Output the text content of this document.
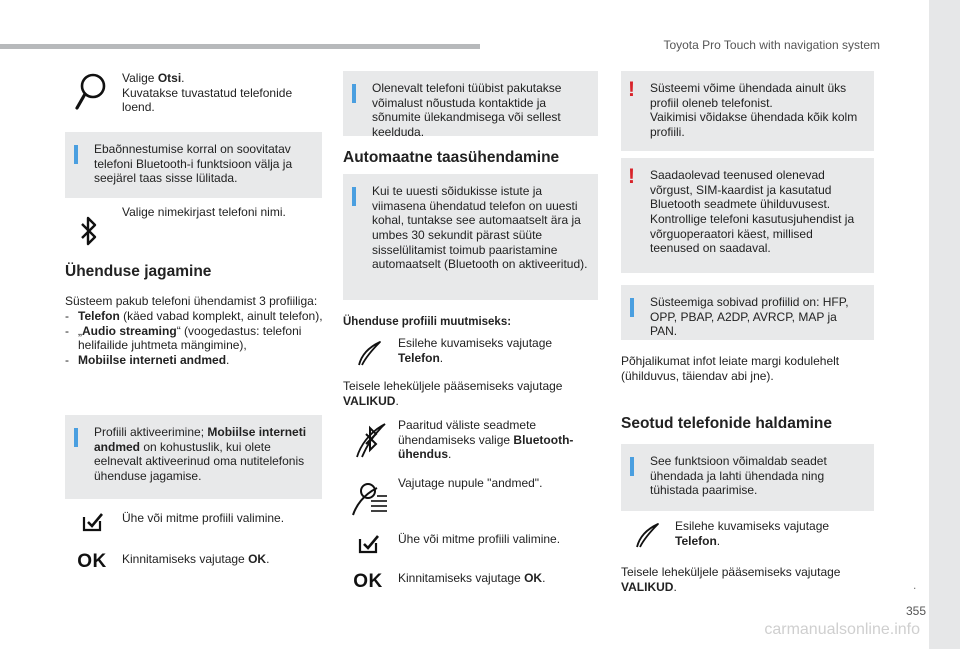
Toyota Pro Touch with navigation system
.
355
carmanualsonline.info
Valige Otsi.
Kuvatakse tuvastatud telefonide loend.

Ebaõnnestumise korral on soovitatav telefoni Bluetooth-i funktsioon välja ja seejärel taas sisse lülitada.

Valige nimekirjast telefoni nimi.
Ühenduse jagamine
Süsteem pakub telefoni ühendamist 3 profiiliga:
- Telefon (käed vabad komplekt, ainult telefon),
- „Audio streaming“ (voogedastus: telefoni helifailide juhtmeta mängimine),
- Mobiilse interneti andmed.

Profiili aktiveerimine; Mobiilse interneti andmed on kohustuslik, kui olete eelnevalt aktiveerinud oma nutitelefonis ühenduse jagamise.

Ühe või mitme profiili valimine.
OK Kinnitamiseks vajutage OK.

Olenevalt telefoni tüübist pakutakse võimalust nõustuda kontaktide ja sõnumite ülekandmisega või sellest keelduda.

Automaatne taasühendamine

Kui te uuesti sõidukisse istute ja viimasena ühendatud telefon on uuesti kohal, tuntakse see automaatselt ära ja umbes 30 sekundit pärast süüte sisselülitamist toimub paaristamine automaatselt (Bluetooth on aktiveeritud).

Ühenduse profiili muutmiseks:
Esilehe kuvamiseks vajutage Telefon.
Teisele leheküljele pääsemiseks vajutage VALIKUD.
Paaritud väliste seadmete ühendamiseks valige Bluetooth-ühendus.
Vajutage nupule "andmed".
Ühe või mitme profiili valimine.
OK Kinnitamiseks vajutage OK.
! Süsteemi võime ühendada ainult üks profiil oleneb telefonist.
Vaikimisi võidakse ühendada kõik kolm profiili.

! Saadaolevad teenused olenevad võrgust, SIM-kaardist ja kasutatud Bluetooth seadmete ühilduvusest. Kontrollige telefoni kasutusjuhendist ja võrguoperaatori käest, millised teenused on saadaval.

Süsteemiga sobivad profiilid on: HFP, OPP, PBAP, A2DP, AVRCP, MAP ja PAN.

Põhjalikumat infot leiate margi kodulehelt (ühilduvus, täiendav abi jne).
Seotud telefonide haldamine

See funktsioon võimaldab seadet ühendada ja lahti ühendada ning tühistada paarimise.

Esilehe kuvamiseks vajutage Telefon.
Teisele leheküljele pääsemiseks vajutage VALIKUD.
